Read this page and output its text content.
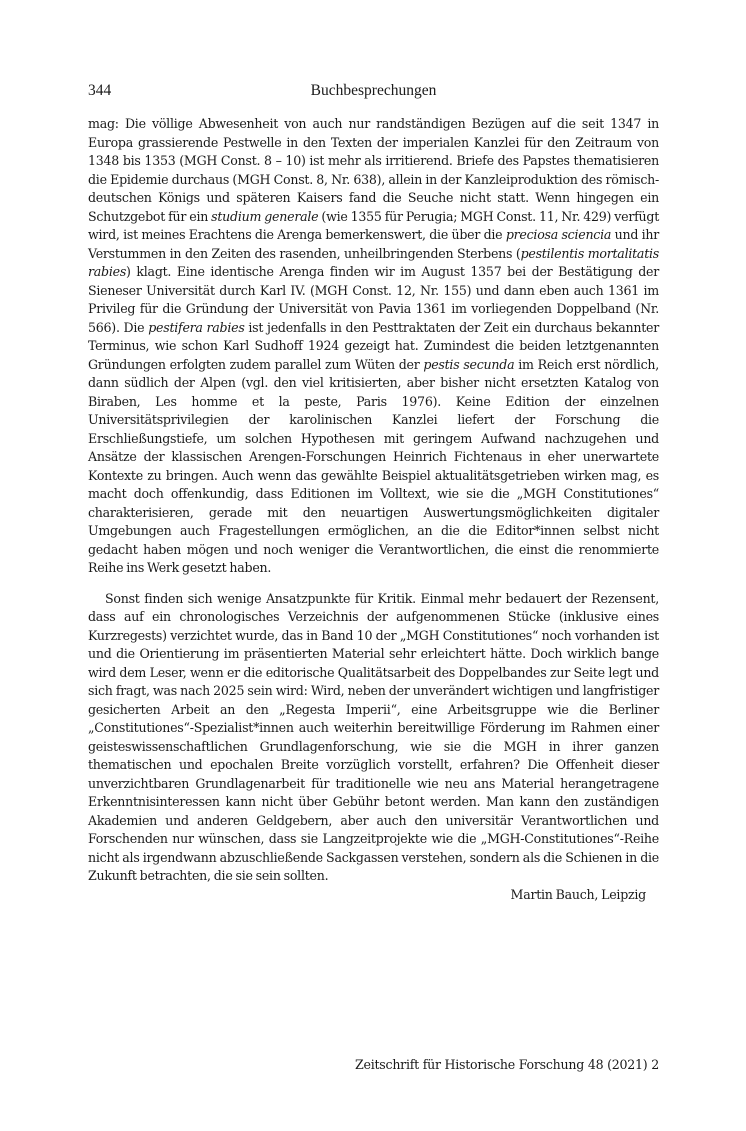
344	Buchbesprechungen

mag: Die völlige Abwesenheit von auch nur randständigen Bezügen auf die seit 1347 in Europa grassierende Pestwelle in den Texten der imperialen Kanzlei für den Zeitraum von 1348 bis 1353 (MGH Const. 8 – 10) ist mehr als irritierend. Briefe des Papstes thematisieren die Epidemie durchaus (MGH Const. 8, Nr. 638), allein in der Kanzleiproduktion des römisch-deutschen Königs und späteren Kaisers fand die Seuche nicht statt. Wenn hingegen ein Schutzgebot für ein studium generale (wie 1355 für Perugia; MGH Const. 11, Nr. 429) verfügt wird, ist meines Erachtens die Arenga bemerkenswert, die über die preciosa sciencia und ihr Verstummen in den Zeiten des rasenden, unheilbringenden Sterbens (pestilentis mortalitatis rabies) klagt. Eine identische Arenga finden wir im August 1357 bei der Bestätigung der Sieneser Universität durch Karl IV. (MGH Const. 12, Nr. 155) und dann eben auch 1361 im Privileg für die Gründung der Universität von Pavia 1361 im vorliegenden Doppelband (Nr. 566). Die pestifera rabies ist jedenfalls in den Pesttraktaten der Zeit ein durchaus bekannter Terminus, wie schon Karl Sudhoff 1924 gezeigt hat. Zumindest die beiden letztgenannten Gründungen erfolgten zudem parallel zum Wüten der pestis secunda im Reich erst nördlich, dann südlich der Alpen (vgl. den viel kritisierten, aber bisher nicht ersetzten Katalog von Biraben, Les homme et la peste, Paris 1976). Keine Edition der einzelnen Universitätsprivilegien der karolinischen Kanzlei liefert der Forschung die Erschließungstiefe, um solchen Hypothesen mit geringem Aufwand nachzugehen und Ansätze der klassischen Arengen-Forschungen Heinrich Fichtenaus in eher unerwartete Kontexte zu bringen. Auch wenn das gewählte Beispiel aktualitätsgetrieben wirken mag, es macht doch offenkundig, dass Editionen im Volltext, wie sie die „MGH Constitutiones“ charakterisieren, gerade mit den neuartigen Auswertungsmöglichkeiten digitaler Umgebungen auch Fragestellungen ermöglichen, an die die Editor*innen selbst nicht gedacht haben mögen und noch weniger die Verantwortlichen, die einst die renommierte Reihe ins Werk gesetzt haben.

Sonst finden sich wenige Ansatzpunkte für Kritik. Einmal mehr bedauert der Rezensent, dass auf ein chronologisches Verzeichnis der aufgenommenen Stücke (inklusive eines Kurzregests) verzichtet wurde, das in Band 10 der „MGH Constitutiones“ noch vorhanden ist und die Orientierung im präsentierten Material sehr erleichtert hätte. Doch wirklich bange wird dem Leser, wenn er die editorische Qualitätsarbeit des Doppelbandes zur Seite legt und sich fragt, was nach 2025 sein wird: Wird, neben der unverändert wichtigen und langfristiger gesicherten Arbeit an den „Regesta Imperii“, eine Arbeitsgruppe wie die Berliner „Constitutiones“-Spezialist*innen auch weiterhin bereitwillige Förderung im Rahmen einer geisteswissenschaftlichen Grundlagenforschung, wie sie die MGH in ihrer ganzen thematischen und epochalen Breite vorzüglich vorstellt, erfahren? Die Offenheit dieser unverzichtbaren Grundlagenarbeit für traditionelle wie neu ans Material herangetragene Erkenntnisinteressen kann nicht über Gebühr betont werden. Man kann den zuständigen Akademien und anderen Geldgebern, aber auch den universitär Verantwortlichen und Forschenden nur wünschen, dass sie Langzeitprojekte wie die „MGH-Constitutiones“-Reihe nicht als irgendwann abzuschließende Sackgassen verstehen, sondern als die Schienen in die Zukunft betrachten, die sie sein sollten.

Martin Bauch, Leipzig
Zeitschrift für Historische Forschung 48 (2021) 2
